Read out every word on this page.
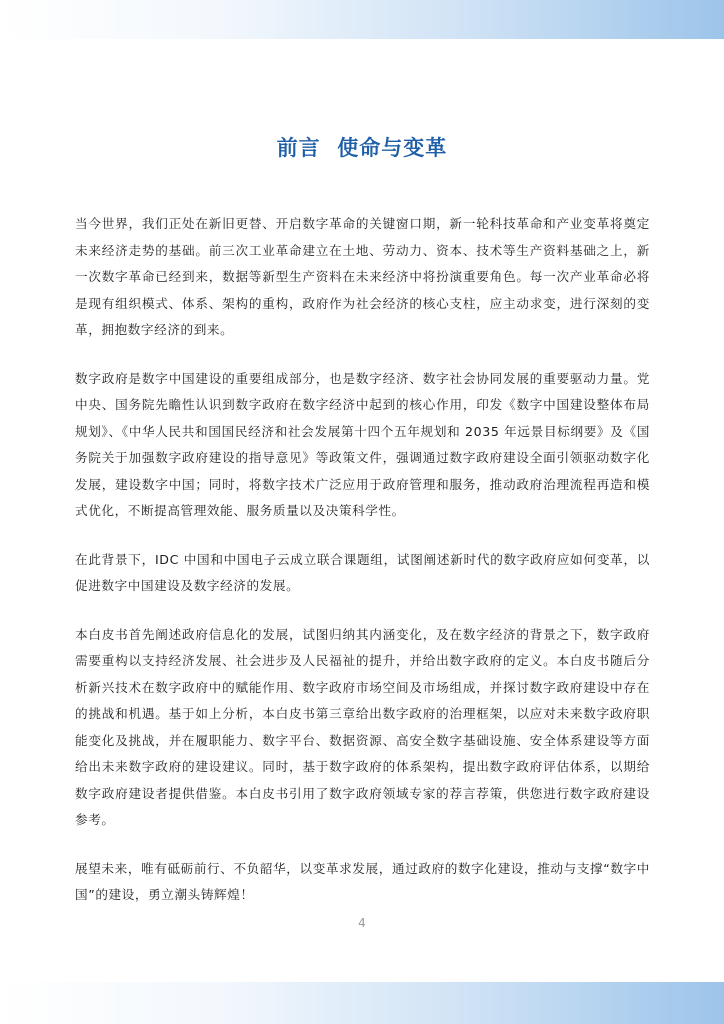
前言  使命与变革

当今世界，我们正处在新旧更替、开启数字革命的关键窗口期，新一轮科技革命和产业变革将奠定未来经济走势的基础。前三次工业革命建立在土地、劳动力、资本、技术等生产资料基础之上，新一次数字革命已经到来，数据等新型生产资料在未来经济中将扮演重要角色。每一次产业革命必将是现有组织模式、体系、架构的重构，政府作为社会经济的核心支柱，应主动求变，进行深刻的变革，拥抱数字经济的到来。

数字政府是数字中国建设的重要组成部分，也是数字经济、数字社会协同发展的重要驱动力量。党中央、国务院先瞻性认识到数字政府在数字经济中起到的核心作用，印发《数字中国建设整体布局规划》、《中华人民共和国国民经济和社会发展第十四个五年规划和 2035 年远景目标纲要》及《国务院关于加强数字政府建设的指导意见》等政策文件，强调通过数字政府建设全面引领驱动数字化发展，建设数字中国；同时，将数字技术广泛应用于政府管理和服务，推动政府治理流程再造和模式优化，不断提高管理效能、服务质量以及决策科学性。

在此背景下，IDC 中国和中国电子云成立联合课题组，试图阐述新时代的数字政府应如何变革，以促进数字中国建设及数字经济的发展。

本白皮书首先阐述政府信息化的发展，试图归纳其内涵变化，及在数字经济的背景之下，数字政府需要重构以支持经济发展、社会进步及人民福祉的提升，并给出数字政府的定义。本白皮书随后分析新兴技术在数字政府中的赋能作用、数字政府市场空间及市场组成，并探讨数字政府建设中存在的挑战和机遇。基于如上分析，本白皮书第三章给出数字政府的治理框架，以应对未来数字政府职能变化及挑战，并在履职能力、数字平台、数据资源、高安全数字基础设施、安全体系建设等方面给出未来数字政府的建设建议。同时，基于数字政府的体系架构，提出数字政府评估体系，以期给数字政府建设者提供借鉴。本白皮书引用了数字政府领域专家的荐言荐策，供您进行数字政府建设参考。

展望未来，唯有砥砺前行、不负韶华，以变革求发展，通过政府的数字化建设，推动与支撑“数字中国”的建设，勇立潮头铸辉煌！

4
